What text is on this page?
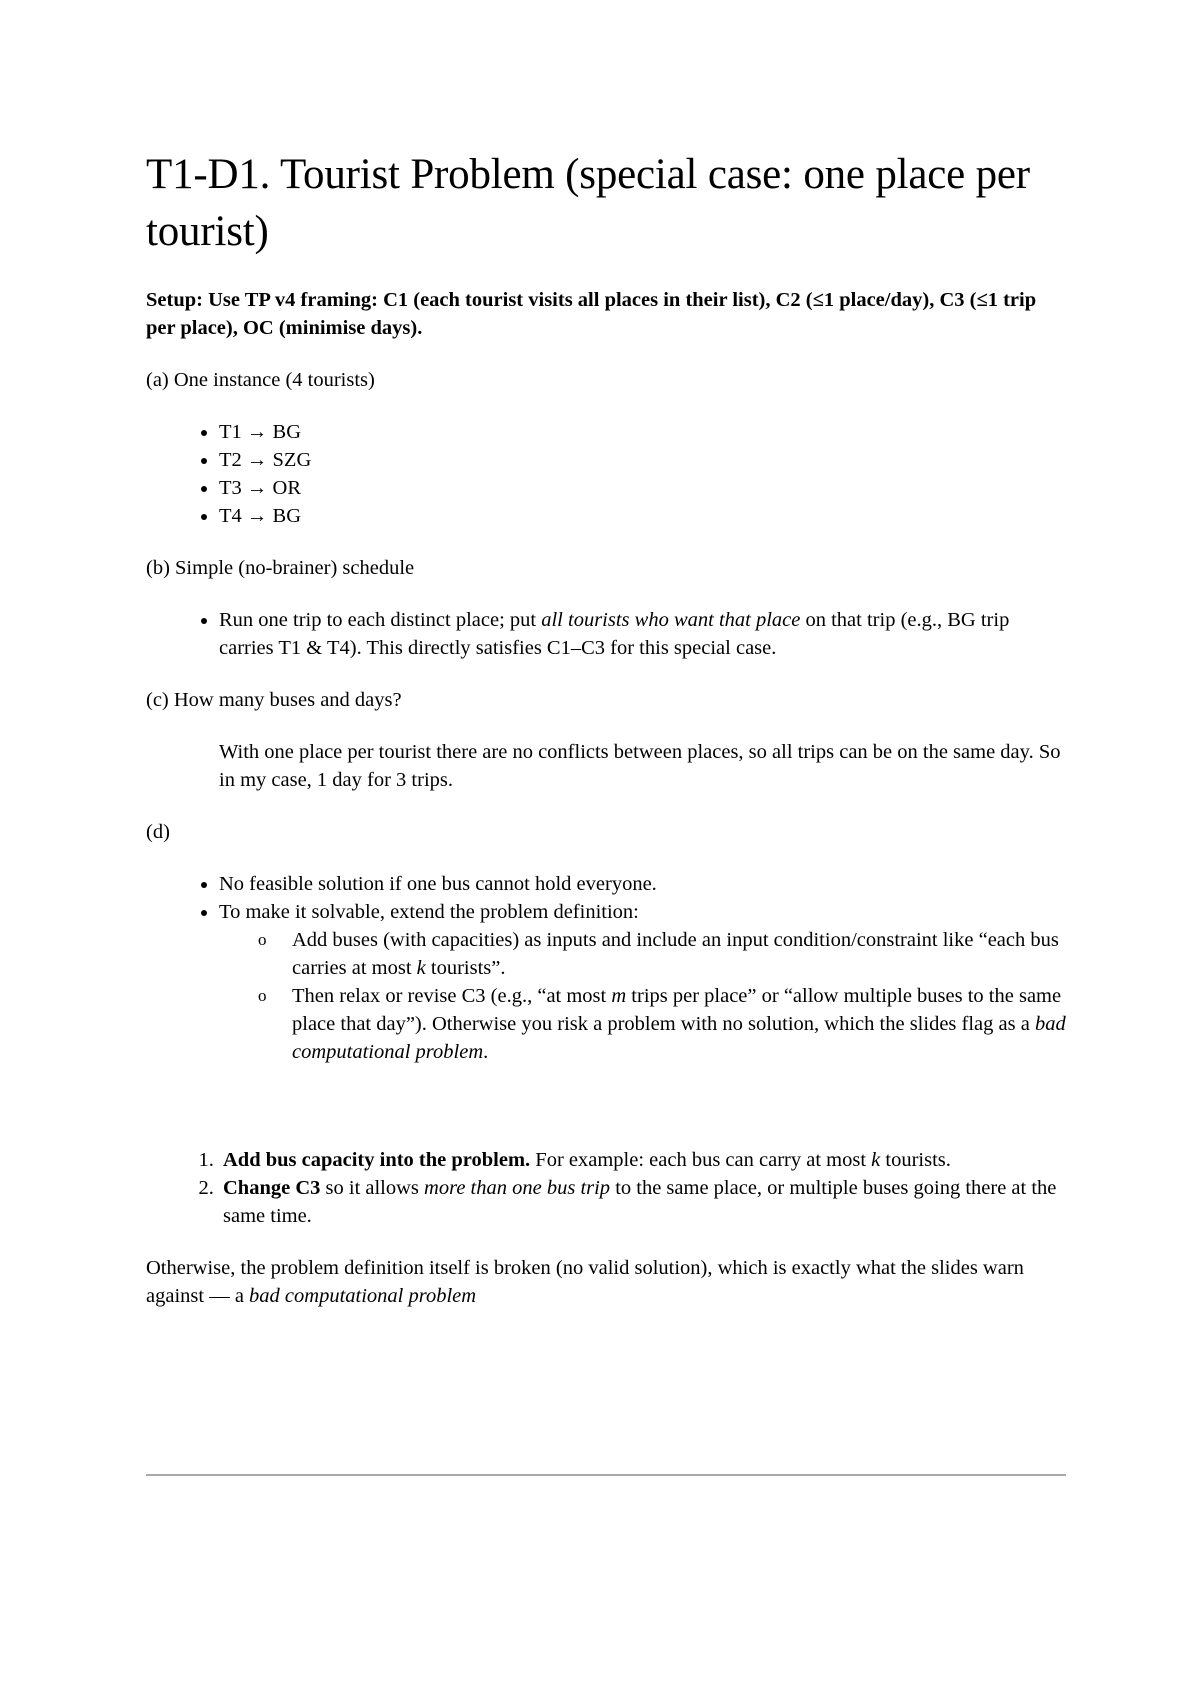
T1-D1. Tourist Problem (special case: one place per tourist)

Setup: Use TP v4 framing: C1 (each tourist visits all places in their list), C2 (≤1 place/day), C3 (≤1 trip per place), OC (minimise days).

(a) One instance (4 tourists)

• T1 → BG
• T2 → SZG
• T3 → OR
• T4 → BG

(b) Simple (no-brainer) schedule

• Run one trip to each distinct place; put all tourists who want that place on that trip (e.g., BG trip carries T1 & T4). This directly satisfies C1–C3 for this special case.

(c) How many buses and days?

With one place per tourist there are no conflicts between places, so all trips can be on the same day. So in my case, 1 day for 3 trips.

(d)

• No feasible solution if one bus cannot hold everyone.
• To make it solvable, extend the problem definition:
o Add buses (with capacities) as inputs and include an input condition/constraint like “each bus carries at most k tourists”.
o Then relax or revise C3 (e.g., “at most m trips per place” or “allow multiple buses to the same place that day”). Otherwise you risk a problem with no solution, which the slides flag as a bad computational problem.
1. Add bus capacity into the problem. For example: each bus can carry at most k tourists.
2. Change C3 so it allows more than one bus trip to the same place, or multiple buses going there at the same time.

Otherwise, the problem definition itself is broken (no valid solution), which is exactly what the slides warn against — a bad computational problem
